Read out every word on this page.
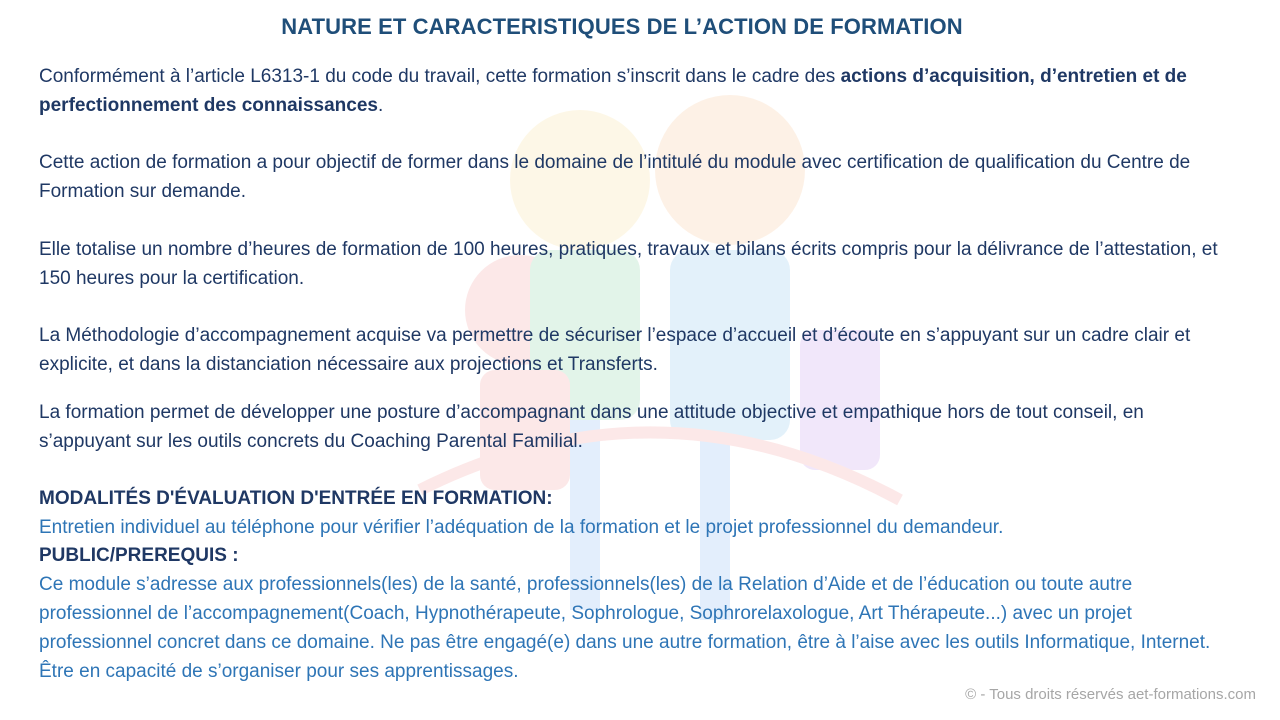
NATURE ET CARACTERISTIQUES DE L’ACTION DE FORMATION

Conformément à l’article L6313-1 du code du travail, cette formation s’inscrit dans le cadre des actions d’acquisition, d’entretien et de perfectionnement des connaissances.

Cette action de formation a pour objectif de former dans le domaine de l’intitulé du module avec certification de qualification du Centre de Formation sur demande.

Elle totalise un nombre d’heures de formation de 100 heures, pratiques, travaux et bilans écrits compris pour la délivrance de l’attestation, et 150 heures pour la certification.

La Méthodologie d’accompagnement acquise va permettre de sécuriser l’espace d’accueil et d’écoute en s’appuyant sur un cadre clair et explicite, et dans la distanciation nécessaire aux projections et Transferts.

La formation permet de développer une posture d’accompagnant dans une attitude objective et empathique hors de tout conseil, en s’appuyant sur les outils concrets du Coaching Parental Familial.

MODALITÉS D'ÉVALUATION D'ENTRÉE EN FORMATION:

Entretien individuel au téléphone pour vérifier l’adéquation de la formation et le projet professionnel du demandeur.

PUBLIC/PREREQUIS :

Ce module s’adresse aux professionnels(les) de la santé, professionnels(les) de la Relation d’Aide et de l’éducation ou toute autre professionnel de l’accompagnement(Coach, Hypnothérapeute, Sophrologue, Sophrorelaxologue, Art Thérapeute...) avec un projet professionnel concret dans ce domaine. Ne pas être engagé(e) dans une autre formation, être à l’aise avec les outils Informatique, Internet. Être en capacité de s’organiser pour ses apprentissages.

© - Tous droits réservés aet-formations.com
